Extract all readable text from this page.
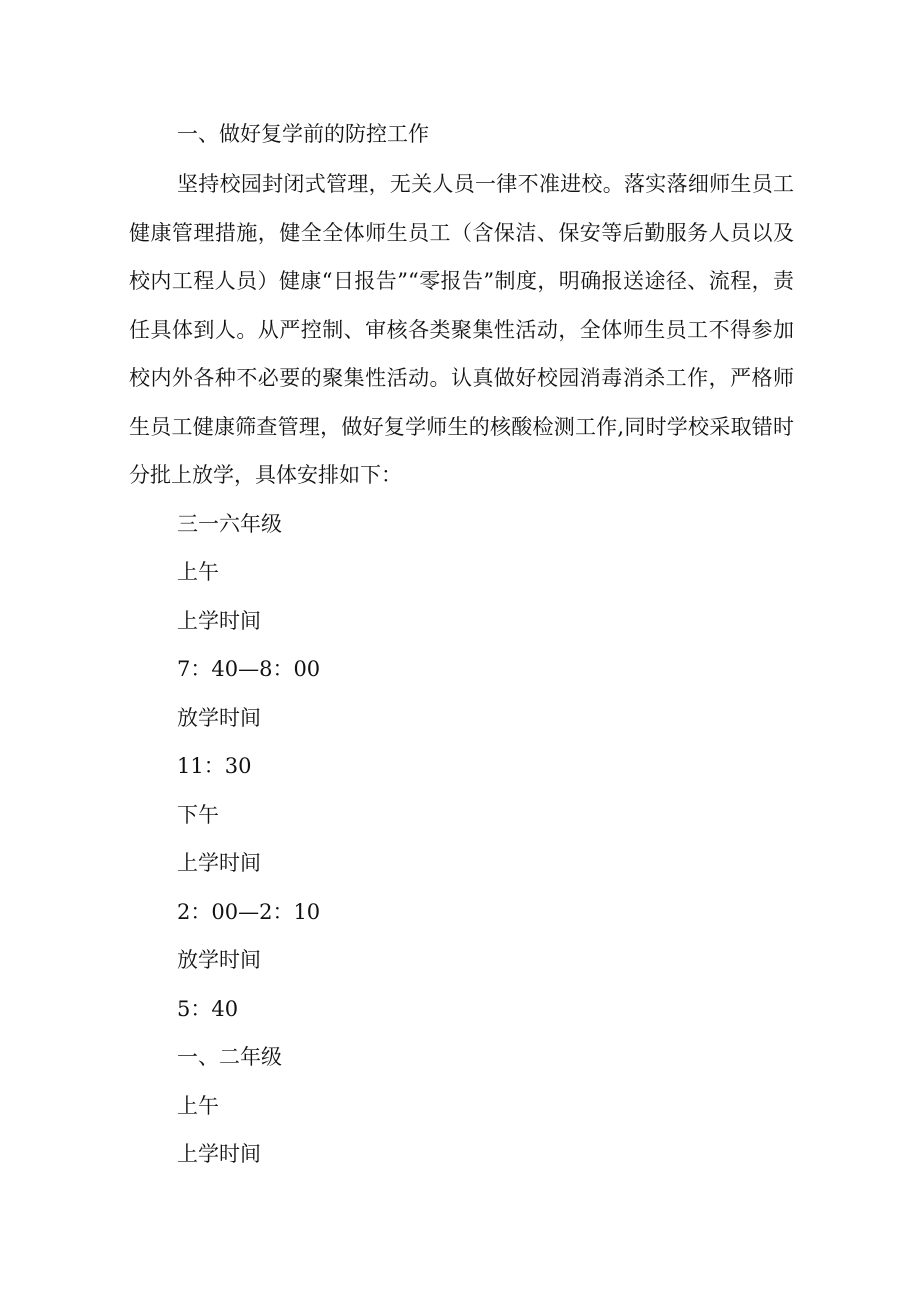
一、做好复学前的防控工作

坚持校园封闭式管理，无关人员一律不准进校。落实落细师生员工健康管理措施，健全全体师生员工（含保洁、保安等后勤服务人员以及校内工程人员）健康“日报告”“零报告”制度，明确报送途径、流程，责任具体到人。从严控制、审核各类聚集性活动，全体师生员工不得参加校内外各种不必要的聚集性活动。认真做好校园消毒消杀工作，严格师生员工健康筛查管理，做好复学师生的核酸检测工作,同时学校采取错时分批上放学，具体安排如下：

三一六年级

上午

上学时间

7：40—8：00

放学时间

11：30

下午

上学时间

2：00—2：10

放学时间

5：40

一、二年级

上午

上学时间
